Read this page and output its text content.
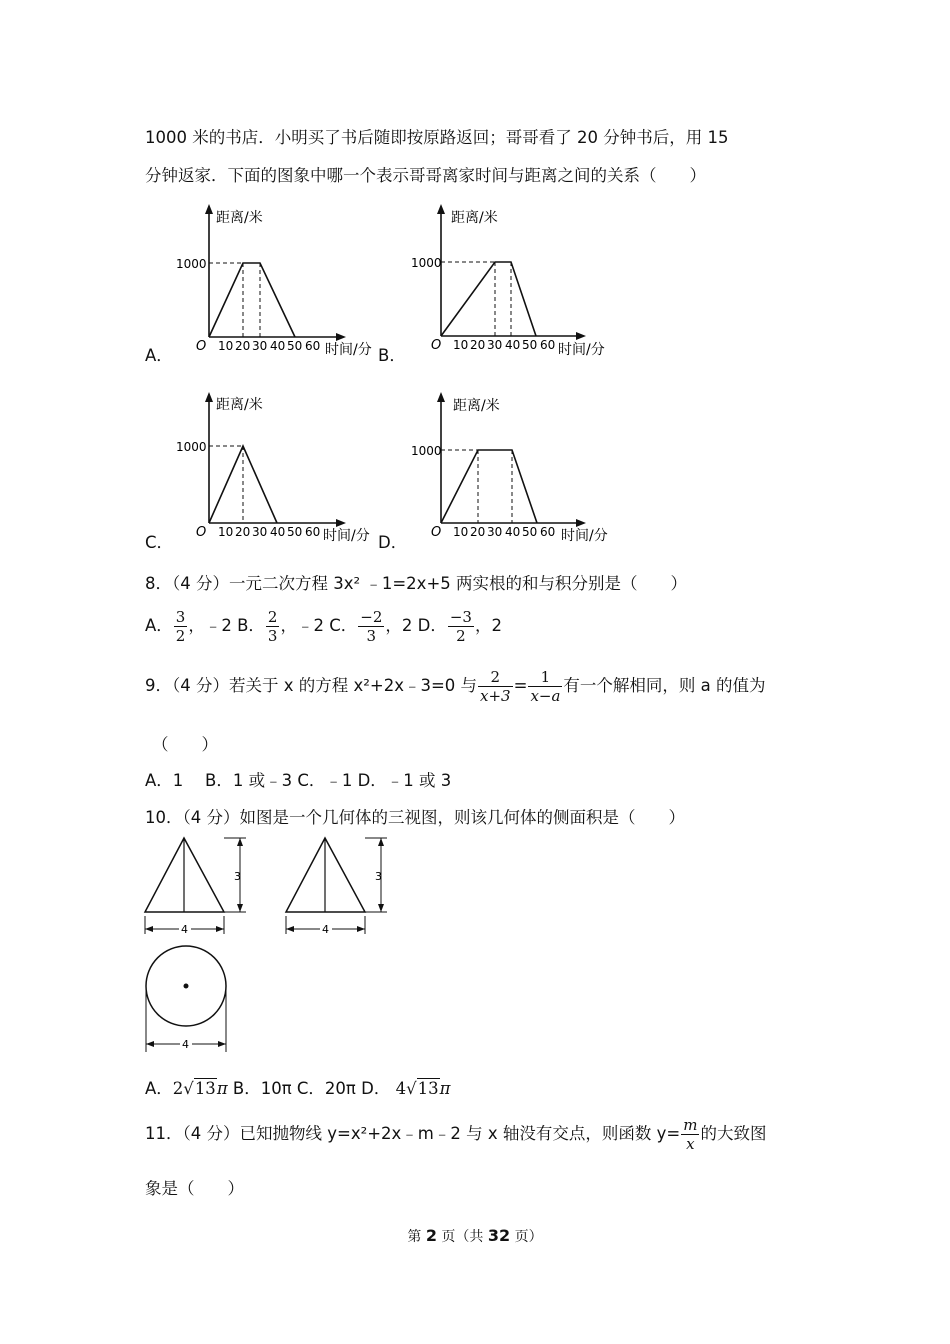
1000 米的书店．小明买了书后随即按原路返回；哥哥看了 20 分钟书后，用 15
分钟返家．下面的图象中哪一个表示哥哥离家时间与距离之间的关系（　　）
距离/米
1000
O 10 20 30 40 50 60 时间/分
A．
距离/米
1000
O 10 20 30 40 50 60 时间/分
B．
距离/米
1000
O 10 20 30 40 50 60 时间/分
C．
距离/米
1000
O 10 20 30 40 50 60 时间/分
D．
8．（4 分）一元二次方程 3x² ﹣1=2x+5 两实根的和与积分别是（　　）
A． $\frac{3}{2}$ ，﹣2 B． $\frac{2}{3}$ ，﹣2 C． $\frac{-2}{3}$ ，2 D． $\frac{-3}{2}$ ，2
9．（4 分）若关于 x 的方程 x²+2x﹣3=0 与 $\frac{2}{x+3} = \frac{1}{x-a}$ 有一个解相同，则 a 的值为
（　　）
A．1　 B．1 或﹣3 C．﹣1 D．﹣1 或 3
10．（4 分）如图是一个几何体的三视图，则该几何体的侧面积是（　　）
3
4
3
4
4
A．2√13π B．10π C．20π D． 4√13π
11．（4 分）已知抛物线 y=x²+2x﹣m﹣2 与 x 轴没有交点，则函数 $y= \frac{m}{x}$ 的大致图
象是（　　）
第 2 页（共 32 页）
